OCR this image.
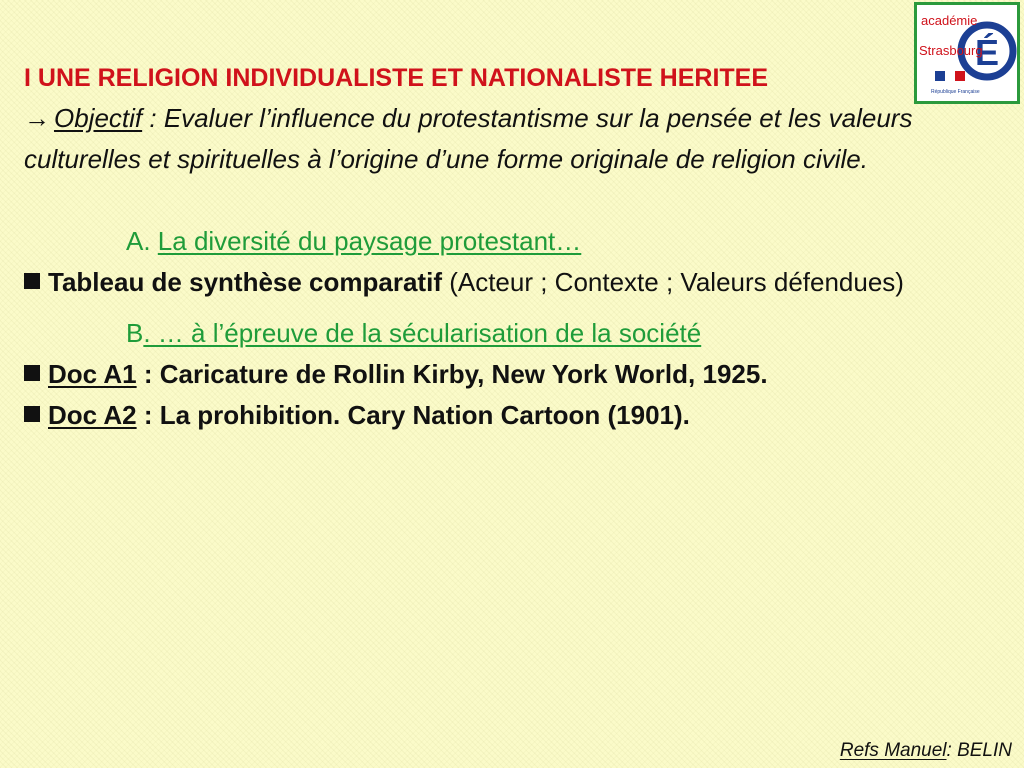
É
académie
Strasbourg
République Française
I UNE RELIGION INDIVIDUALISTE ET NATIONALISTE HERITEE
→ Objectif : Evaluer l’influence du protestantisme sur la pensée et les valeurs culturelles et spirituelles à l’origine d’une forme originale de religion civile.
A. La diversité du paysage protestant…
Tableau de synthèse comparatif (Acteur ; Contexte ; Valeurs défendues)
B. … à l’épreuve de la sécularisation de la société
Doc A1 : Caricature de Rollin Kirby, New York World, 1925.
Doc A2 : La prohibition. Cary Nation Cartoon (1901).
Refs Manuel: BELIN
